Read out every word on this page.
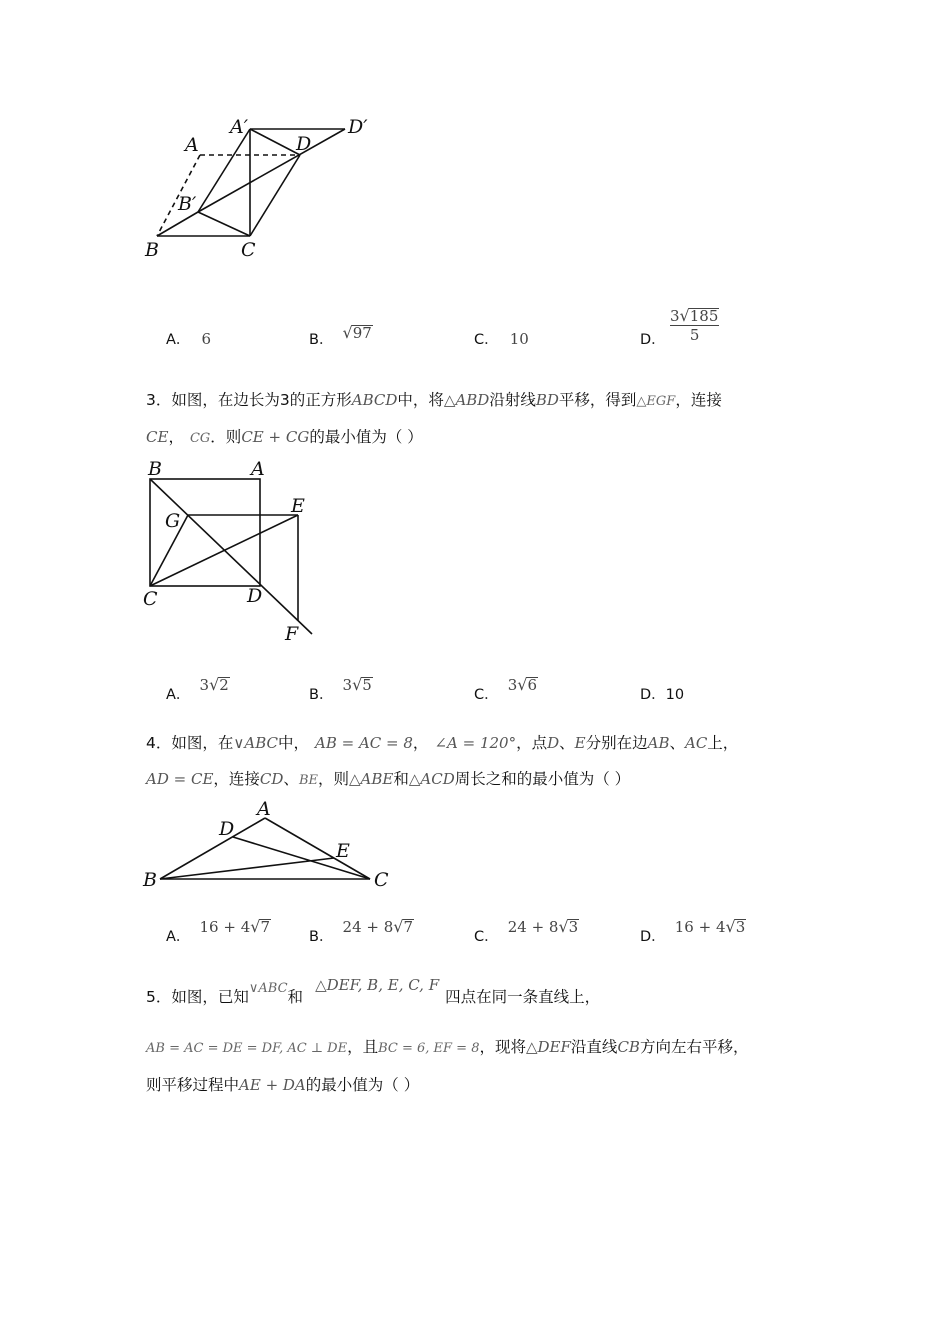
A′
A	D
D′
B′
B	C
A． 6	B． √97	C． 10	D． $\frac{3√185}{5}$
3．如图，在边长为3的正方形ABCD中，将△ABD沿射线BD平移，得到△EGF，连接
CE， CG．则CE + CG的最小值为（ ）
B	A
G
E
C	D
F
A． 3√2
B． 3√5
C． 3√6
D．10
4．如图，在∨ABC中， AB = AC = 8， ∠A = 120°，点D、E分别在边AB、AC上，
AD = CE，连接CD、BE，则△ABE和△ACD周长之和的最小值为（ ）
A
D
E
B	C
A． 16 + 4√7
B． 24 + 8√7
C． 24 + 8√3
D． 16 + 4√3
5．如图，已知$^{\vee ABC}$和△DEF, B, E, C, F四点在同一条直线上，
AB = AC = DE = DF, AC ⊥ DE，且BC = 6, EF = 8，现将△DEF沿直线CB方向左右平移，
则平移过程中AE + DA的最小值为（ ）
